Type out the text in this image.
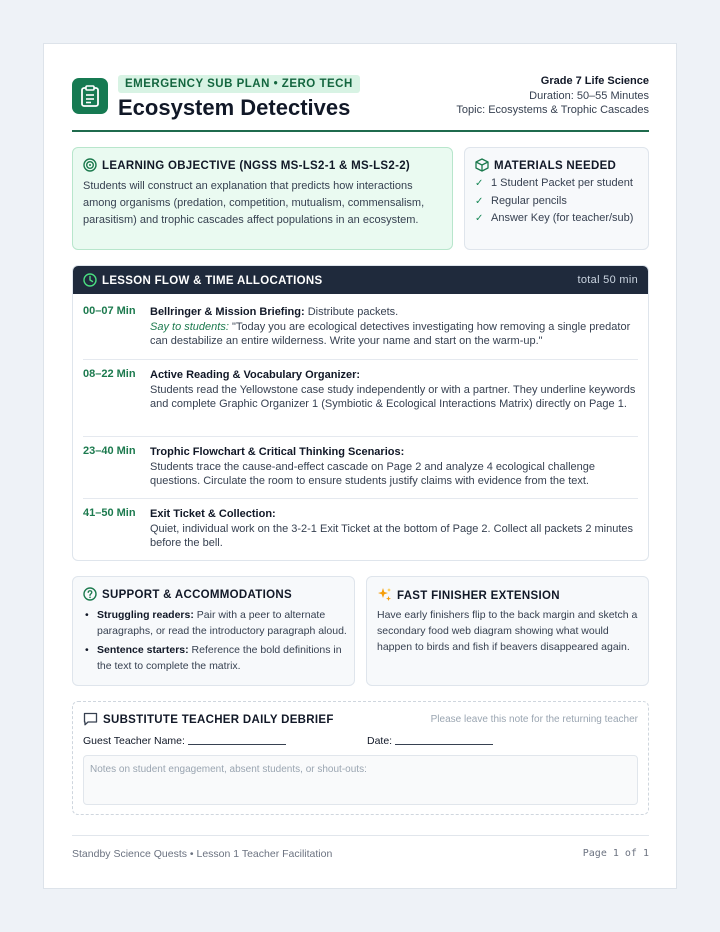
EMERGENCY SUB PLAN • ZERO TECH
Ecosystem Detectives
Grade 7 Life Science
Duration: 50–55 Minutes
Topic: Ecosystems & Trophic Cascades
LEARNING OBJECTIVE (NGSS MS-LS2-1 & MS-LS2-2)
Students will construct an explanation that predicts how interactions among organisms (predation, competition, mutualism, commensalism, parasitism) and trophic cascades affect populations in an ecosystem.
MATERIALS NEEDED
✓ 1 Student Packet per student
✓ Regular pencils
✓ Answer Key (for teacher/sub)
LESSON FLOW & TIME ALLOCATIONS	total 50 min
00–07 Min Bellringer & Mission Briefing: Distribute packets.
Say to students: "Today you are ecological detectives investigating how removing a single predator can destabilize an entire wilderness. Write your name and start on the warm-up."
08–22 Min Active Reading & Vocabulary Organizer:
Students read the Yellowstone case study independently or with a partner. They underline keywords and complete Graphic Organizer 1 (Symbiotic & Ecological Interactions Matrix) directly on Page 1.
23–40 Min Trophic Flowchart & Critical Thinking Scenarios:
Students trace the cause-and-effect cascade on Page 2 and analyze 4 ecological challenge questions. Circulate the room to ensure students justify claims with evidence from the text.
41–50 Min Exit Ticket & Collection:
Quiet, individual work on the 3-2-1 Exit Ticket at the bottom of Page 2. Collect all packets 2 minutes before the bell.
SUPPORT & ACCOMMODATIONS
• Struggling readers: Pair with a peer to alternate paragraphs, or read the introductory paragraph aloud.
• Sentence starters: Reference the bold definitions in the text to complete the matrix.
FAST FINISHER EXTENSION
Have early finishers flip to the back margin and sketch a secondary food web diagram showing what would happen to birds and fish if beavers disappeared again.
SUBSTITUTE TEACHER DAILY DEBRIEF	Please leave this note for the returning teacher
Guest Teacher Name:	Date:
Notes on student engagement, absent students, or shout-outs:
Standby Science Quests • Lesson 1 Teacher Facilitation	Page 1 of 1
